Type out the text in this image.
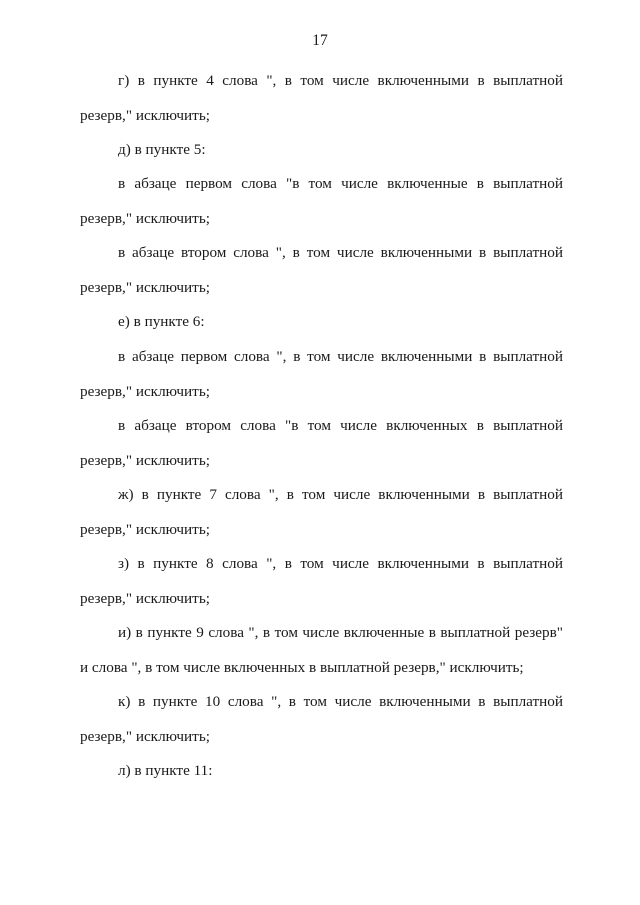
17

г) в пункте 4 слова ", в том числе включенными в выплатной резерв," исключить;

д) в пункте 5:

в абзаце первом слова "в том числе включенные в выплатной резерв," исключить;

в абзаце втором слова ", в том числе включенными в выплатной резерв," исключить;

е) в пункте 6:

в абзаце первом слова ", в том числе включенными в выплатной резерв," исключить;

в абзаце втором слова "в том числе включенных в выплатной резерв," исключить;

ж) в пункте 7 слова ", в том числе включенными в выплатной резерв," исключить;

з) в пункте 8 слова ", в том числе включенными в выплатной резерв," исключить;

и) в пункте 9 слова ", в том числе включенные в выплатной резерв" и слова ", в том числе включенных в выплатной резерв," исключить;

к) в пункте 10 слова ", в том числе включенными в выплатной резерв," исключить;

л) в пункте 11:
